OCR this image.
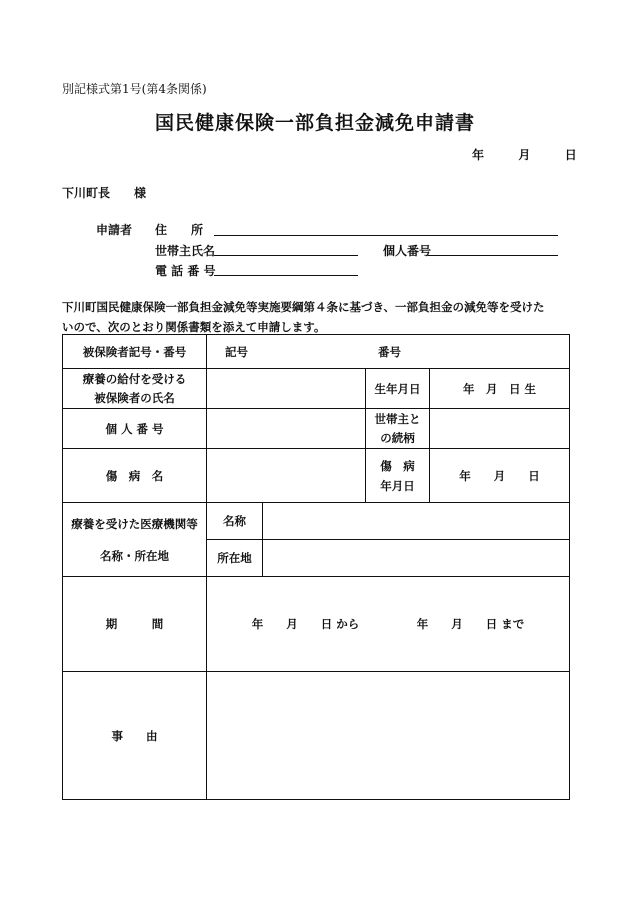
別記様式第1号(第4条関係)
国民健康保険一部負担金減免申請書
年	月	日
下川町長　　様
申請者 住　　所
世帯主氏名	個人番号
電 話 番 号
下川町国民健康保険一部負担金減免等実施要綱第４条に基づき、一部負担金の減免等を受けた
いので、次のとおり関係書類を添えて申請します。
被保険者記号・番号	記号 番号			

療養の給付を受ける
被保険者の氏名			生年月日	年　月　日 生
個 人 番 号			世帯主と
の続柄	

傷　病　名			傷　病
年月日	年　　月　　日

療養を受けた医療機関等
名称・所在地	名称			
	所在地			
期　　　間	年　　月　　日 から　　　　　年　　月　　日 まで			
事　　由				
